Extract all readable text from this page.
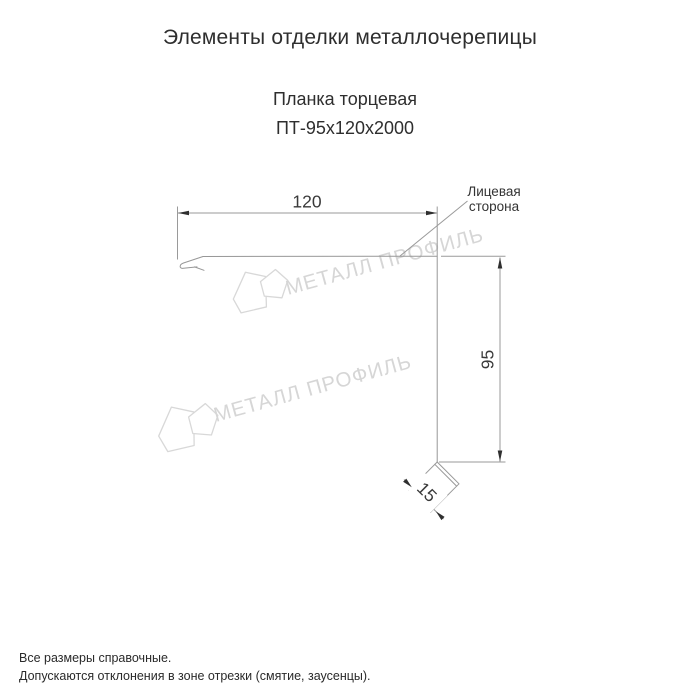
Элементы отделки металлочерепицы
Планка торцевая
ПТ-95х120х2000
МЕТАЛЛ ПРОФИЛЬ
МЕТАЛЛ ПРОФИЛЬ
15
120
95
Лицевая
сторона
Все размеры справочные.
Допускаются отклонения в зоне отрезки (смятие, заусенцы).
